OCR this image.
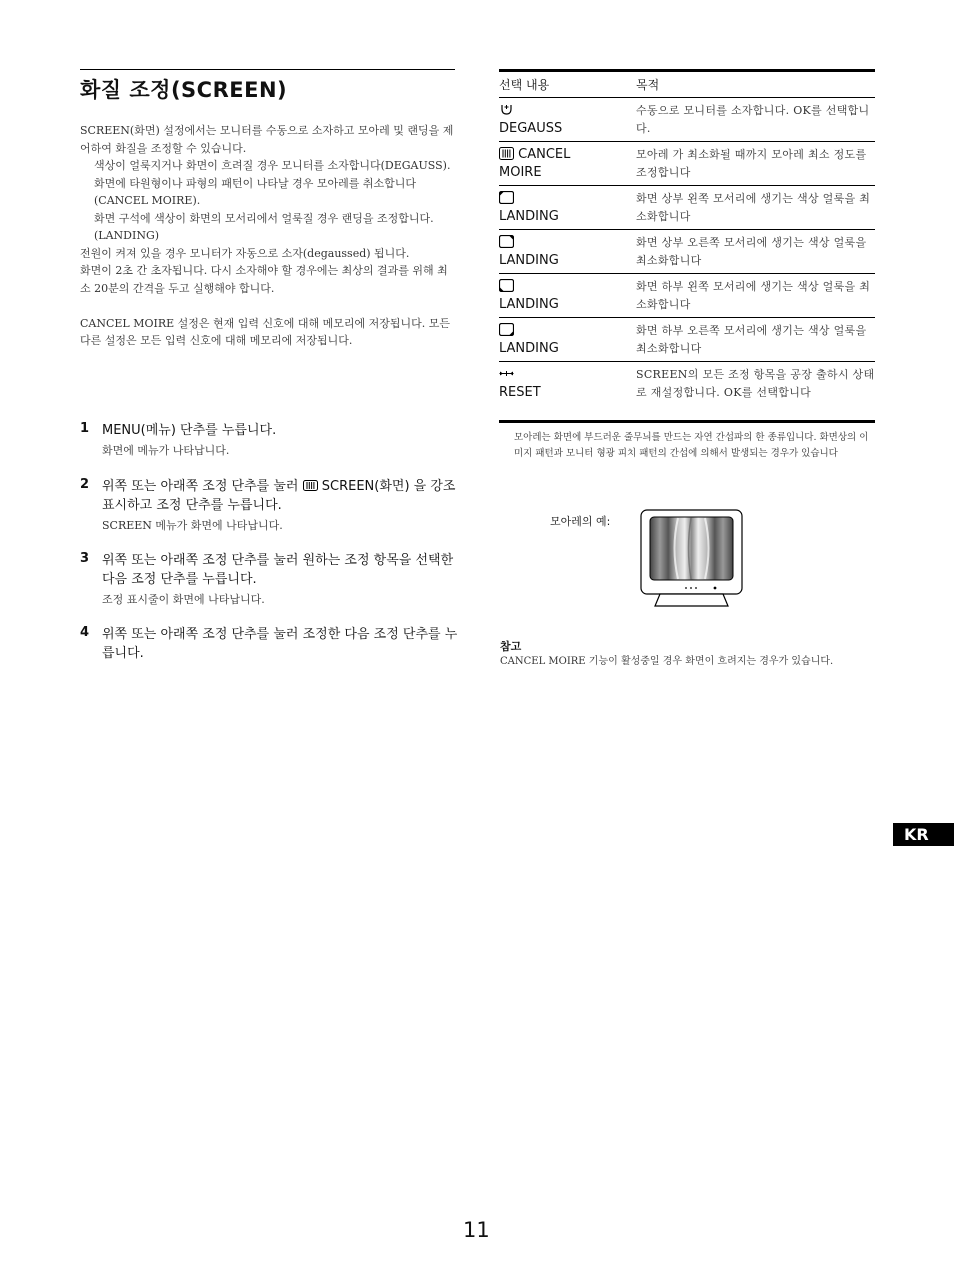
화질 조정(SCREEN)

SCREEN(화면) 설정에서는 모니터를 수동으로 소자하고 모아레 및 랜딩을 제어하여 화질을 조정할 수 있습니다.

색상이 얼룩지거나 화면이 흐려질 경우 모니터를 소자합니다(DEGAUSS).

화면에 타원형이나 파형의 패턴이 나타날 경우 모아레를 취소합니다(CANCEL MOIRE).

화면 구석에 색상이 화면의 모서리에서 얼룩질 경우 랜딩을 조정합니다.(LANDING)

전원이 켜져 있을 경우 모니터가 자동으로 소자(degaussed) 됩니다.

화면이 2초 간 초자됩니다. 다시 소자해야 할 경우에는 최상의 결과를 위해 최소 20분의 간격을 두고 실행해야 합니다.

CANCEL MOIRE 설정은 현재 입력 신호에 대해 메모리에 저장됩니다. 모든 다른 설정은 모든 입력 신호에 대해 메모리에 저장됩니다.

1 MENU(메뉴) 단추를 누릅니다.
화면에 메뉴가 나타납니다.
2 위쪽 또는 아래쪽 조정 단추를 눌러 SCREEN(화면) 을 강조 표시하고 조정 단추를 누릅니다.
SCREEN 메뉴가 화면에 나타납니다.
3 위쪽 또는 아래쪽 조정 단추를 눌러 원하는 조정 항목을 선택한 다음 조정 단추를 누릅니다.
조정 표시줄이 화면에 나타납니다.
4 위쪽 또는 아래쪽 조정 단추를 눌러 조정한 다음 조정 단추를 누릅니다.
선택 내용	목적

DEGAUSS
수동으로 모니터를 소자합니다. OK를 선택합니다.
CANCEL
MOIRE
모아레 가 최소화될 때까지 모아레 최소 정도를 조정합니다

LANDING
화면 상부 왼쪽 모서리에 생기는 색상 얼룩을 최소화합니다

LANDING
화면 상부 오른쪽 모서리에 생기는 색상 얼룩을 최소화합니다

LANDING
화면 하부 왼쪽 모서리에 생기는 색상 얼룩을 최소화합니다

LANDING
화면 하부 오른쪽 모서리에 생기는 색상 얼룩을 최소화합니다

RESET
SCREEN의 모든 조정 항목을 공장 출하시 상태로 재설정합니다. OK를 선택합니다
모아레는 화면에 부드러운 줄무늬를 만드는 자연 간섭파의 한 종류입니다. 화면상의 이미지 패턴과 모니터 형광 피치 패턴의 간섭에 의해서 발생되는 경우가 있습니다
모아레의 예:
참고
CANCEL MOIRE 기능이 활성중일 경우 화면이 흐려지는 경우가 있습니다.
KR
11
